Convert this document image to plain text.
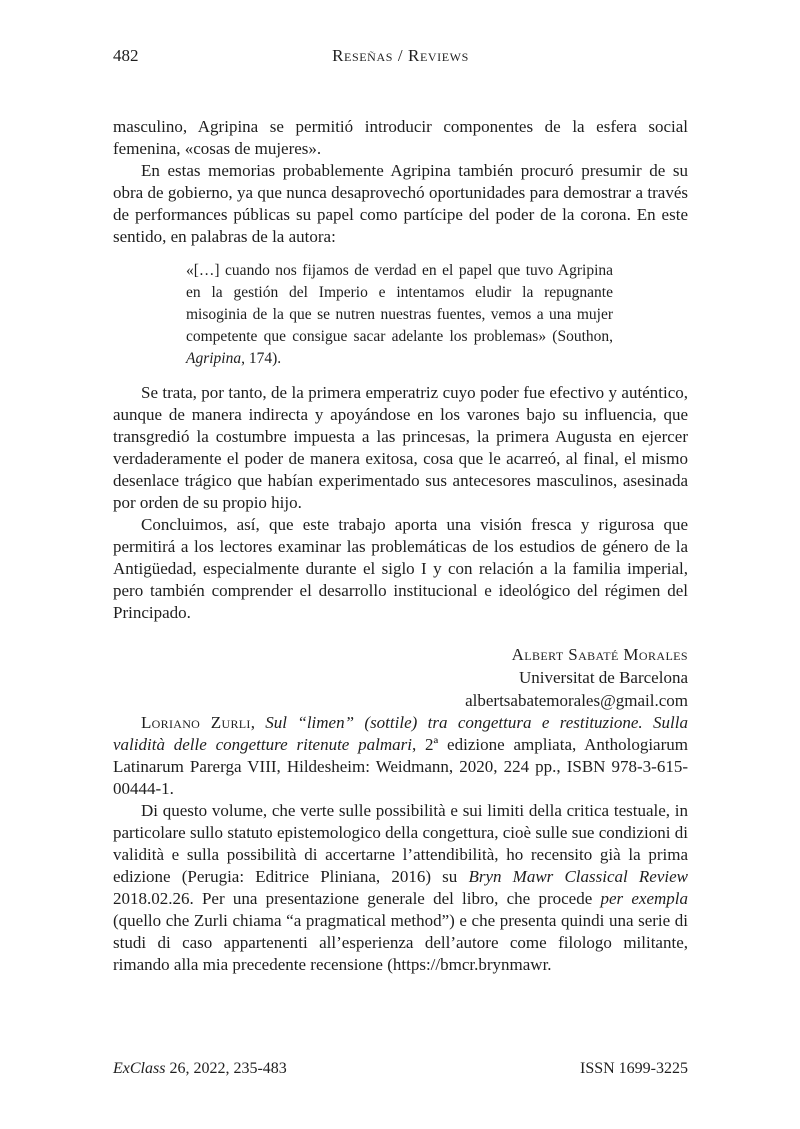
482	Reseñas / Reviews

masculino, Agripina se permitió introducir componentes de la esfera social femenina, «cosas de mujeres».

En estas memorias probablemente Agripina también procuró presumir de su obra de gobierno, ya que nunca desaprovechó oportunidades para demostrar a través de performances públicas su papel como partícipe del poder de la corona. En este sentido, en palabras de la autora:

«[…] cuando nos fijamos de verdad en el papel que tuvo Agripina en la gestión del Imperio e intentamos eludir la repugnante misoginia de la que se nutren nuestras fuentes, vemos a una mujer competente que consigue sacar adelante los problemas» (Southon, Agripina, 174).

Se trata, por tanto, de la primera emperatriz cuyo poder fue efectivo y auténtico, aunque de manera indirecta y apoyándose en los varones bajo su influencia, que transgredió la costumbre impuesta a las princesas, la primera Augusta en ejercer verdaderamente el poder de manera exitosa, cosa que le acarreó, al final, el mismo desenlace trágico que habían experimentado sus antecesores masculinos, asesinada por orden de su propio hijo.

Concluimos, así, que este trabajo aporta una visión fresca y rigurosa que permitirá a los lectores examinar las problemáticas de los estudios de género de la Antigüedad, especialmente durante el siglo I y con relación a la familia imperial, pero también comprender el desarrollo institucional e ideológico del régimen del Principado.

Albert Sabaté Morales
Universitat de Barcelona
albertsabatemorales@gmail.com

Loriano Zurli, Sul “limen” (sottile) tra congettura e restituzione. Sulla validità delle congetture ritenute palmari, 2ª edizione ampliata, Anthologiarum Latinarum Parerga VIII, Hildesheim: Weidmann, 2020, 224 pp., ISBN 978-3-615-00444-1.

Di questo volume, che verte sulle possibilità e sui limiti della critica testuale, in particolare sullo statuto epistemologico della congettura, cioè sulle sue condizioni di validità e sulla possibilità di accertarne l’attendibilità, ho recensito già la prima edizione (Perugia: Editrice Pliniana, 2016) su Bryn Mawr Classical Review 2018.02.26. Per una presentazione generale del libro, che procede per exempla (quello che Zurli chiama “a pragmatical method”) e che presenta quindi una serie di studi di caso appartenenti all’esperienza dell’autore come filologo militante, rimando alla mia precedente recensione (https://bmcr.brynmawr.

ExClass 26, 2022, 235-483	ISSN 1699-3225
